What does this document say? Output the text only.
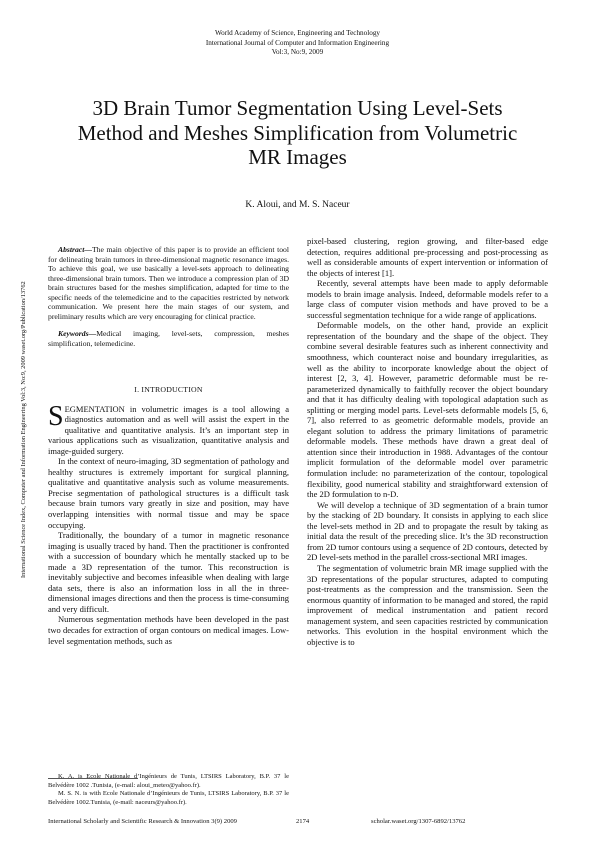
World Academy of Science, Engineering and Technology
International Journal of Computer and Information Engineering
Vol:3, No:9, 2009
3D Brain Tumor Segmentation Using Level-Sets Method and Meshes Simplification from Volumetric MR Images
K. Aloui, and M. S. Naceur
International Science Index, Computer and Information Engineering Vol:3, No:9, 2009 waset.org/Publication/13762

Abstract—The main objective of this paper is to provide an efficient tool for delineating brain tumors in three-dimensional magnetic resonance images. To achieve this goal, we use basically a level-sets approach to delineating three-dimensional brain tumors. Then we introduce a compression plan of 3D brain structures based for the meshes simplification, adapted for time to the specific needs of the telemedicine and to the capacities restricted by network communication. We present here the main stages of our system, and preliminary results which are very encouraging for clinical practice.

Keywords—Medical imaging, level-sets, compression, meshes simplification, telemedicine.

I. INTRODUCTION

SEGMENTATION in volumetric images is a tool allowing a diagnostics automation and as well will assist the expert in the qualitative and quantitative analysis. It’s an important step in various applications such as visualization, quantitative analysis and image-guided surgery.

In the context of neuro-imaging, 3D segmentation of pathology and healthy structures is extremely important for surgical planning, qualitative and quantitative analysis such as volume measurements. Precise segmentation of pathological structures is a difficult task because brain tumors vary greatly in size and position, may have overlapping intensities with normal tissue and may be space occupying.

Traditionally, the boundary of a tumor in magnetic resonance imaging is usually traced by hand. Then the practitioner is confronted with a succession of boundary which he mentally stacked up to be made a 3D representation of the tumor. This reconstruction is inevitably subjective and becomes infeasible when dealing with large data sets, there is also an information loss in all the in three-dimensional images directions and then the process is time-consuming and very difficult.

Numerous segmentation methods have been developed in the past two decades for extraction of organ contours on medical images. Low-level segmentation methods, such as

pixel-based clustering, region growing, and filter-based edge detection, requires additional pre-processing and post-processing as well as considerable amounts of expert intervention or information of the objects of interest [1].

Recently, several attempts have been made to apply deformable models to brain image analysis. Indeed, deformable models refer to a large class of computer vision methods and have proved to be a successful segmentation technique for a wide range of applications.

Deformable models, on the other hand, provide an explicit representation of the boundary and the shape of the object. They combine several desirable features such as inherent connectivity and smoothness, which counteract noise and boundary irregularities, as well as the ability to incorporate knowledge about the object of interest [2, 3, 4]. However, parametric deformable must be re-parameterized dynamically to faithfully recover the object boundary and that it has difficulty dealing with topological adaptation such as splitting or merging model parts. Level-sets deformable models [5, 6, 7], also referred to as geometric deformable models, provide an elegant solution to address the primary limitations of parametric deformable models. These methods have drawn a great deal of attention since their introduction in 1988. Advantages of the contour implicit formulation of the deformable model over parametric formulation include: no parameterization of the contour, topological flexibility, good numerical stability and straightforward extension of the 2D formulation to n-D.

We will develop a technique of 3D segmentation of a brain tumor by the stacking of 2D boundary. It consists in applying to each slice the level-sets method in 2D and to propagate the result by taking as initial data the result of the preceding slice. It’s the 3D reconstruction from 2D tumor contours using a sequence of 2D contours, detected by 2D level-sets method in the parallel cross-sectional MRI images.

The segmentation of volumetric brain MR image supplied with the 3D representations of the popular structures, adapted to computing post-treatments as the compression and the transmission. Seen the enormous quantity of information to be managed and stored, the rapid improvement of medical instrumentation and patient record management system, and seen capacities restricted by communication networks. This evolution in the hospital environment which the objective is to

K. A. is Ecole Nationale d’Ingénieurs de Tunis, LTSIRS Laboratory, B.P. 37 le Belvédère 1002 .Tunisia, (e-mail: aloui_meteo@yahoo.fr).

M. S. N. is with Ecole Nationale d’Ingénieurs de Tunis, LTSIRS Laboratory, B.P. 37 le Belvédère 1002.Tunisia, (e-mail: naceurs@yahoo.fr).

International Scholarly and Scientific Research & Innovation 3(9) 2009	2174	scholar.waset.org/1307-6892/13762
